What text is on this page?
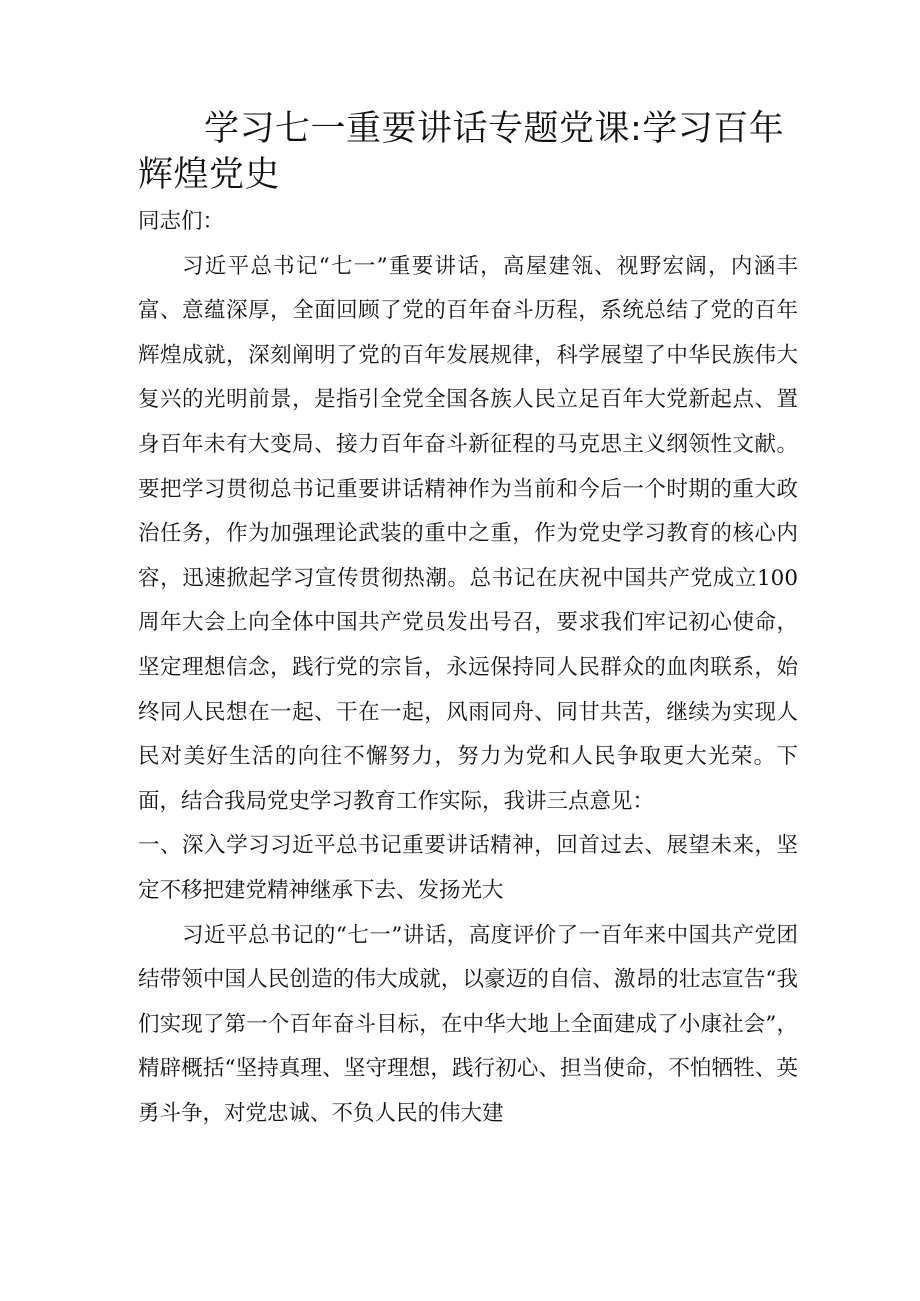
学习七一重要讲话专题党课:学习百年
辉煌党史

同志们：

习近平总书记“七一”重要讲话，高屋建瓴、视野宏阔，内涵丰富、意蕴深厚，全面回顾了党的百年奋斗历程，系统总结了党的百年辉煌成就，深刻阐明了党的百年发展规律，科学展望了中华民族伟大复兴的光明前景，是指引全党全国各族人民立足百年大党新起点、置身百年未有大变局、接力百年奋斗新征程的马克思主义纲领性文献。要把学习贯彻总书记重要讲话精神作为当前和今后一个时期的重大政治任务，作为加强理论武装的重中之重，作为党史学习教育的核心内容，迅速掀起学习宣传贯彻热潮。总书记在庆祝中国共产党成立100周年大会上向全体中国共产党员发出号召，要求我们牢记初心使命，坚定理想信念，践行党的宗旨，永远保持同人民群众的血肉联系，始终同人民想在一起、干在一起，风雨同舟、同甘共苦，继续为实现人民对美好生活的向往不懈努力，努力为党和人民争取更大光荣。下面，结合我局党史学习教育工作实际，我讲三点意见：

一、深入学习习近平总书记重要讲话精神，回首过去、展望未来，坚定不移把建党精神继承下去、发扬光大

习近平总书记的“七一”讲话，高度评价了一百年来中国共产党团结带领中国人民创造的伟大成就，以豪迈的自信、激昂的壮志宣告“我们实现了第一个百年奋斗目标，在中华大地上全面建成了小康社会”，精辟概括“坚持真理、坚守理想，践行初心、担当使命，不怕牺牲、英勇斗争，对党忠诚、不负人民的伟大建
